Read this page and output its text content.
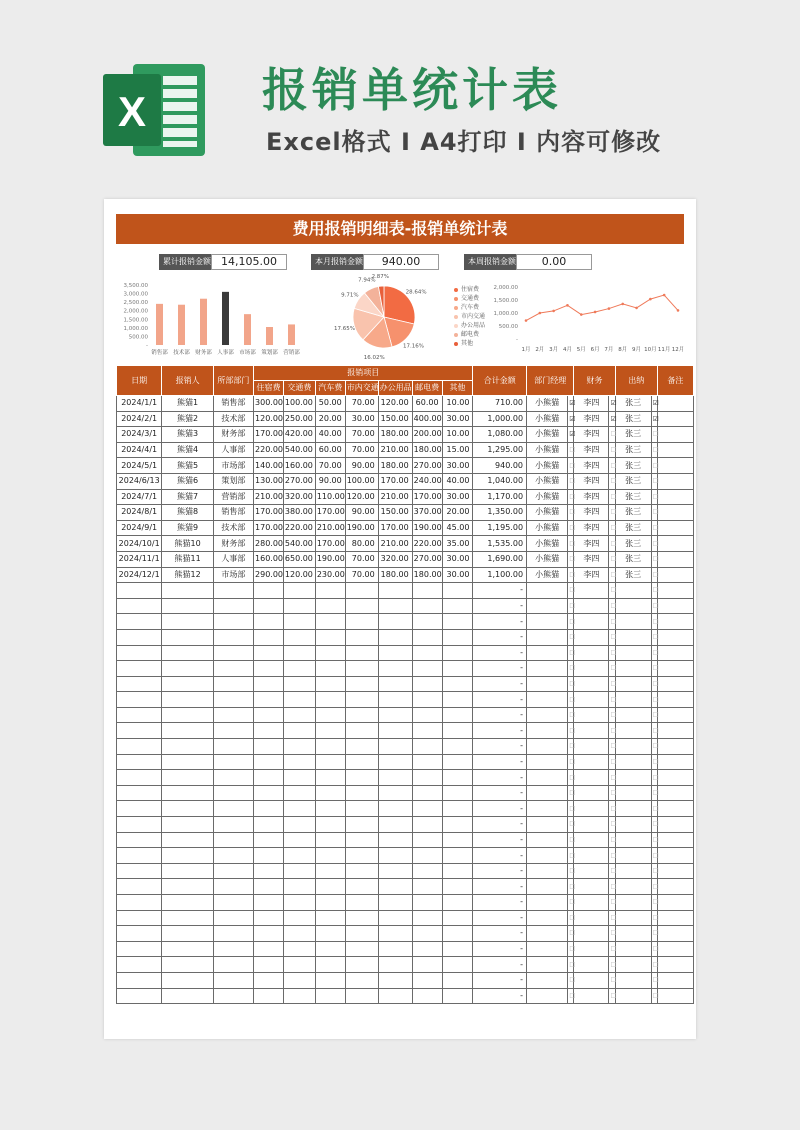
X	报销单统计表
Excel格式 I A4打印 I 内容可修改
费用报销明细表-报销单统计表
累计报销金额 14,105.00	本月报销金额	940.00	本周报销金额	0.00
3,500.00
3,000.00
2,500.00
2,000.00
1,500.00
1,000.00
500.00
-
销售部 技术部 财务部 人事部 市场部 策划部 营销部
28.64%
17.16%
16.02%
17.65%
9.71%
7.94%
2.87%
住宿费
交通费
汽车费
市内交通
办公用品
邮电费
其他
2,000.00
1,500.00
1,000.00
500.00
-
1月 2月 3月 4月 5月 6月 7月 8月 9月 10月 11月 12月
日期	报销人	所部部门	报销项目							合计金额	部门经理		财务		出纳		备注
			住宿费	交通费	汽车费	市内交通	办公用品	邮电费	其他								
2024/1/1	熊猫1	销售部	300.00	100.00	50.00	70.00	120.00	60.00	10.00	710.00	小熊猫	☑	李四	☑	张三	☑	
2024/2/1	熊猫2	技术部	120.00	250.00	20.00	30.00	150.00	400.00	30.00	1,000.00	小熊猫	☑	李四	☑	张三	☑	
2024/3/1	熊猫3	财务部	170.00	420.00	40.00	70.00	180.00	200.00	10.00	1,080.00	小熊猫	☑	李四	☐	张三	☐	
2024/4/1	熊猫4	人事部	220.00	540.00	60.00	70.00	210.00	180.00	15.00	1,295.00	小熊猫	☐	李四	☐	张三	☐	
2024/5/1	熊猫5	市场部	140.00	160.00	70.00	90.00	180.00	270.00	30.00	940.00	小熊猫	☐	李四	☐	张三	☐	
2024/6/13	熊猫6	策划部	130.00	270.00	90.00	100.00	170.00	240.00	40.00	1,040.00	小熊猫	☐	李四	☐	张三	☐	
2024/7/1	熊猫7	营销部	210.00	320.00	110.00	120.00	210.00	170.00	30.00	1,170.00	小熊猫	☐	李四	☐	张三	☐	
2024/8/1	熊猫8	销售部	170.00	380.00	170.00	90.00	150.00	370.00	20.00	1,350.00	小熊猫	☐	李四	☐	张三	☐	
2024/9/1	熊猫9	技术部	170.00	220.00	210.00	190.00	170.00	190.00	45.00	1,195.00	小熊猫	☐	李四	☐	张三	☐	
2024/10/1	熊猫10	财务部	280.00	540.00	170.00	80.00	210.00	220.00	35.00	1,535.00	小熊猫	☐	李四	☐	张三	☐	
2024/11/1	熊猫11	人事部	160.00	650.00	190.00	70.00	320.00	270.00	30.00	1,690.00	小熊猫	☐	李四	☐	张三	☐	
2024/12/1	熊猫12	市场部	290.00	120.00	230.00	70.00	180.00	180.00	30.00	1,100.00	小熊猫	☐	李四	☐	张三	☐	
										-		☐		☐		☐	
										-		☐		☐		☐	
										-		☐		☐		☐	
										-		☐		☐		☐	
										-		☐		☐		☐	
										-		☐		☐		☐	
										-		☐		☐		☐	
										-		☐		☐		☐	
										-		☐		☐		☐	
										-		☐		☐		☐	
										-		☐		☐		☐	
										-		☐		☐		☐	
										-		☐		☐		☐	
										-		☐		☐		☐	
										-		☐		☐		☐	
										-		☐		☐		☐	
										-		☐		☐		☐	
										-		☐		☐		☐	
										-		☐		☐		☐	
										-		☐		☐		☐	
										-		☐		☐		☐	
										-		☐		☐		☐	
										-		☐		☐		☐	
										-		☐		☐		☐	
										-		☐		☐		☐	
										-		☐		☐		☐	
										-		☐		☐		☐	
